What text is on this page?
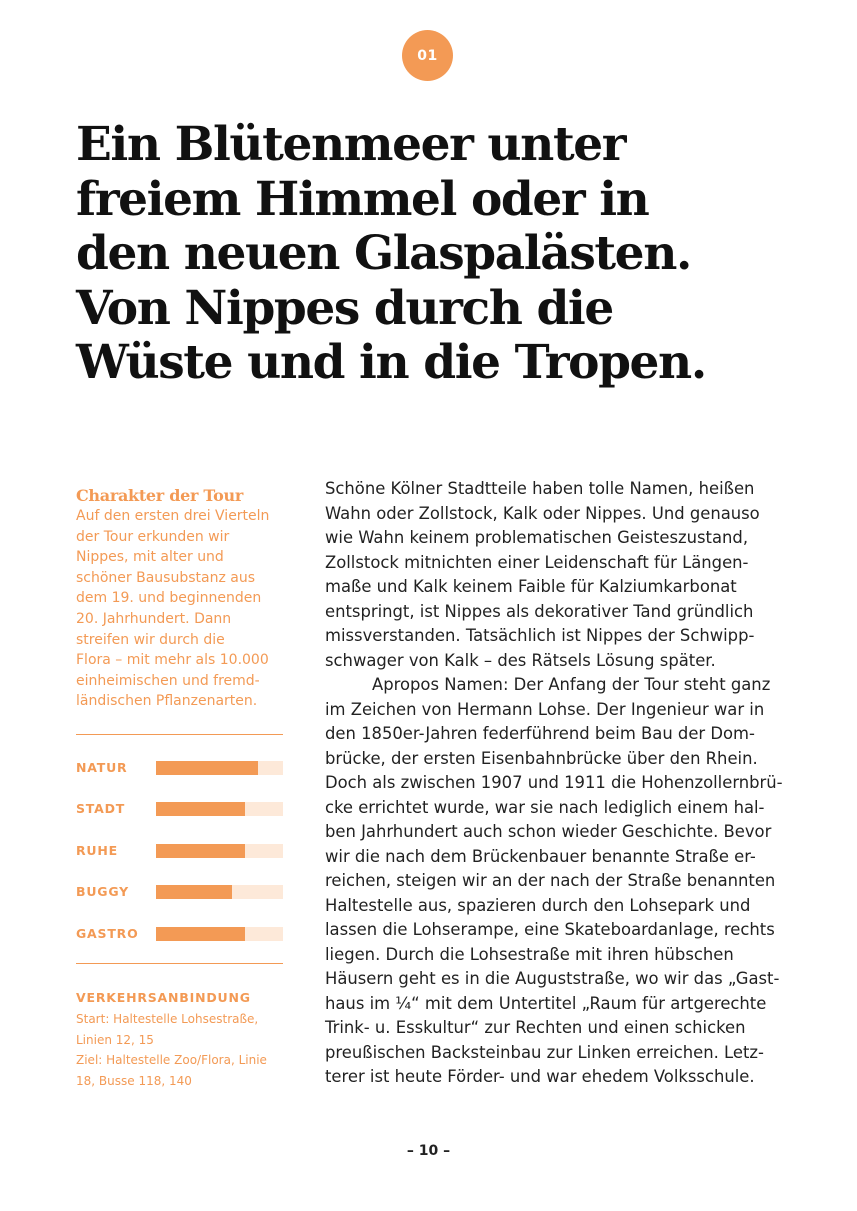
01
Ein Blütenmeer unter
freiem Himmel oder in
den neuen Glaspalästen.
Von Nippes durch die
Wüste und in die Tropen.

Charakter der Tour

Auf den ersten drei Vierteln
der Tour erkunden wir
Nippes, mit alter und
schöner Bausubstanz aus
dem 19. und beginnenden
20. Jahrhundert. Dann
streifen wir durch die
Flora – mit mehr als 10.000
einheimischen und fremd-
ländischen Pflanzenarten.

NATUR
STADT
RUHE
BUGGY
GASTRO

VERKEHRSANBINDUNG

Start: Haltestelle Lohsestraße,

Linien 12, 15

Ziel: Haltestelle Zoo/Flora, Linie

18, Busse 118, 140

Schöne Kölner Stadtteile haben tolle Namen, heißen
Wahn oder Zollstock, Kalk oder Nippes. Und genauso
wie Wahn keinem problematischen Geisteszustand,
Zollstock mitnichten einer Leidenschaft für Längen-
maße und Kalk keinem Faible für Kalziumkarbonat
entspringt, ist Nippes als dekorativer Tand gründlich
missverstanden. Tatsächlich ist Nippes der Schwipp-
schwager von Kalk – des Rätsels Lösung später.
Apropos Namen: Der Anfang der Tour steht ganz
im Zeichen von Hermann Lohse. Der Ingenieur war in
den 1850er-Jahren federführend beim Bau der Dom-
brücke, der ersten Eisenbahnbrücke über den Rhein.
Doch als zwischen 1907 und 1911 die Hohenzollernbrü-
cke errichtet wurde, war sie nach lediglich einem hal-
ben Jahrhundert auch schon wieder Geschichte. Bevor
wir die nach dem Brückenbauer benannte Straße er-
reichen, steigen wir an der nach der Straße benannten
Haltestelle aus, spazieren durch den Lohsepark und
lassen die Lohserampe, eine Skateboardanlage, rechts
liegen. Durch die Lohsestraße mit ihren hübschen
Häusern geht es in die Auguststraße, wo wir das „Gast-
haus im ¼“ mit dem Untertitel „Raum für artgerechte
Trink- u. Esskultur“ zur Rechten und einen schicken
preußischen Backsteinbau zur Linken erreichen. Letz-
terer ist heute Förder- und war ehedem Volksschule.
– 10 –
